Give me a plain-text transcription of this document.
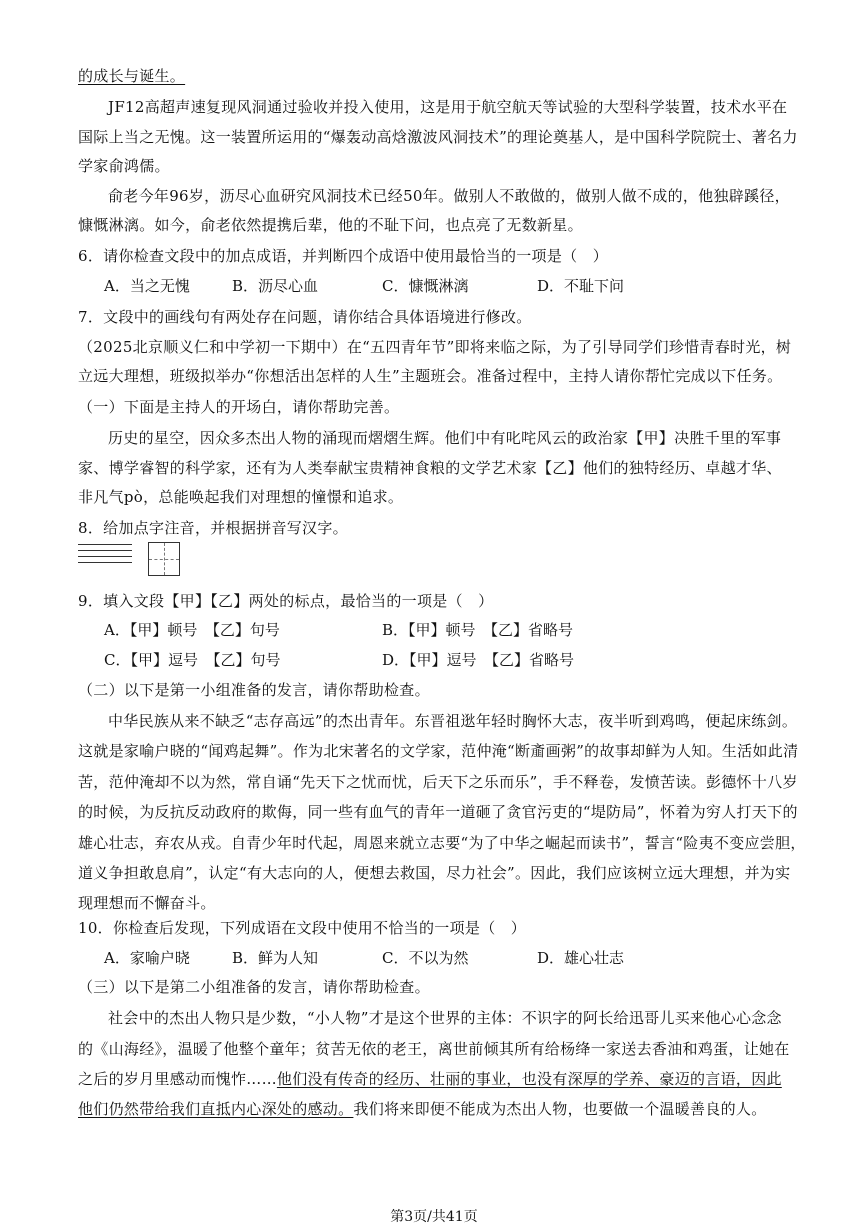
的成长与诞生。
JF12高超声速复现风洞通过验收并投入使用，这是用于航空航天等试验的大型科学装置，技术水平在
国际上当之无愧。这一装置所运用的“爆轰动高焓激波风洞技术”的理论奠基人，是中国科学院院士、著名力
学家俞鸿儒。
俞老今年96岁，沥尽心血研究风洞技术已经50年。做别人不敢做的，做别人做不成的，他独辟蹊径，
慷慨淋漓。如今，俞老依然提携后辈，他的不耻下问，也点亮了无数新星。
6．请你检查文段中的加点成语，并判断四个成语中使用最恰当的一项是（　）
A．当之无愧	B．沥尽心血	C．慷慨淋漓	D．不耻下问
7．文段中的画线句有两处存在问题，请你结合具体语境进行修改。
（2025北京顺义仁和中学初一下期中）在“五四青年节”即将来临之际，为了引导同学们珍惜青春时光，树
立远大理想，班级拟举办“你想活出怎样的人生”主题班会。准备过程中，主持人请你帮忙完成以下任务。
（一）下面是主持人的开场白，请你帮助完善。
历史的星空，因众多杰出人物的涌现而熠熠生辉。他们中有叱咤风云的政治家【甲】决胜千里的军事
家、博学睿智的科学家，还有为人类奉献宝贵精神食粮的文学艺术家【乙】他们的独特经历、卓越才华、
非凡气pò，总能唤起我们对理想的憧憬和追求。
8．给加点字注音，并根据拼音写汉字。
9．填入文段【甲】【乙】两处的标点，最恰当的一项是（　）
A．【甲】顿号　【乙】句号	B．【甲】顿号　【乙】省略号
C．【甲】逗号　【乙】句号	D．【甲】逗号　【乙】省略号
（二）以下是第一小组准备的发言，请你帮助检查。
中华民族从来不缺乏“志存高远”的杰出青年。东晋祖逖年轻时胸怀大志，夜半听到鸡鸣，便起床练剑。
这就是家喻户晓的“闻鸡起舞”。作为北宋著名的文学家，范仲淹“断齑画粥”的故事却鲜为人知。生活如此清
苦，范仲淹却不以为然，常自诵“先天下之忧而忧，后天下之乐而乐”，手不释卷，发愤苦读。彭德怀十八岁
的时候，为反抗反动政府的欺侮，同一些有血气的青年一道砸了贪官污吏的“堤防局”，怀着为穷人打天下的
雄心壮志，弃农从戎。自青少年时代起，周恩来就立志要“为了中华之崛起而读书”，誓言“险夷不变应尝胆，
道义争担敢息肩”，认定“有大志向的人，便想去救国，尽力社会”。因此，我们应该树立远大理想，并为实
现理想而不懈奋斗。
10．你检查后发现，下列成语在文段中使用不恰当的一项是（　）
A．家喻户晓	B．鲜为人知	C．不以为然	D．雄心壮志
（三）以下是第二小组准备的发言，请你帮助检查。
社会中的杰出人物只是少数，“小人物”才是这个世界的主体：不识字的阿长给迅哥儿买来他心心念念
的《山海经》，温暖了他整个童年；贫苦无依的老王，离世前倾其所有给杨绛一家送去香油和鸡蛋，让她在
之后的岁月里感动而愧怍……他们没有传奇的经历、壮丽的事业，也没有深厚的学养、豪迈的言语，因此
他们仍然带给我们直抵内心深处的感动。我们将来即便不能成为杰出人物，也要做一个温暖善良的人。
第3页/共41页
